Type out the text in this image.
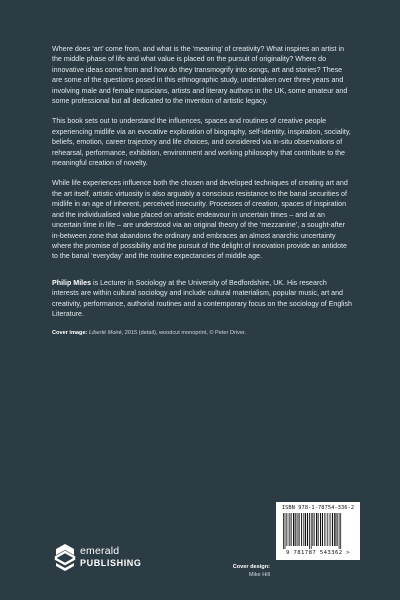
Where does ‘art’ come from, and what is the ‘meaning’ of creativity? What inspires an artist in the middle phase of life and what value is placed on the pursuit of originality? Where do innovative ideas come from and how do they transmogrify into songs, art and stories? These are some of the questions posed in this ethnographic study, undertaken over three years and involving male and female musicians, artists and literary authors in the UK, some amateur and some professional but all dedicated to the invention of artistic legacy.

This book sets out to understand the influences, spaces and routines of creative people experiencing midlife via an evocative exploration of biography, self-identity, inspiration, sociality, beliefs, emotion, career trajectory and life choices, and considered via in-situ observations of rehearsal, performance, exhibition, environment and working philosophy that contribute to the meaningful creation of novelty.

While life experiences influence both the chosen and developed techniques of creating art and the art itself, artistic virtuosity is also arguably a conscious resistance to the banal securities of midlife in an age of inherent, perceived insecurity. Processes of creation, spaces of inspiration and the individualised value placed on artistic endeavour in uncertain times – and at an uncertain time in life – are understood via an original theory of the ‘mezzanine’, a sought-after in-between zone that abandons the ordinary and embraces an almost anarchic uncertainty where the promise of possibility and the pursuit of the delight of innovation provide an antidote to the banal ‘everyday’ and the routine expectancies of middle age.

Philip Miles is Lecturer in Sociology at the University of Bedfordshire, UK. His research interests are within cultural sociology and include cultural materialism, popular music, art and creativity, performance, authorial routines and a contemporary focus on the sociology of English Literature.

Cover image: Liberté Moiré, 2015 (detail), woodcut monoprint, © Peter Driver.
emerald
PUBLISHING	Cover design:
Mike Hill
ISBN 978-1-78754-336-2
9 781787 543362 >
